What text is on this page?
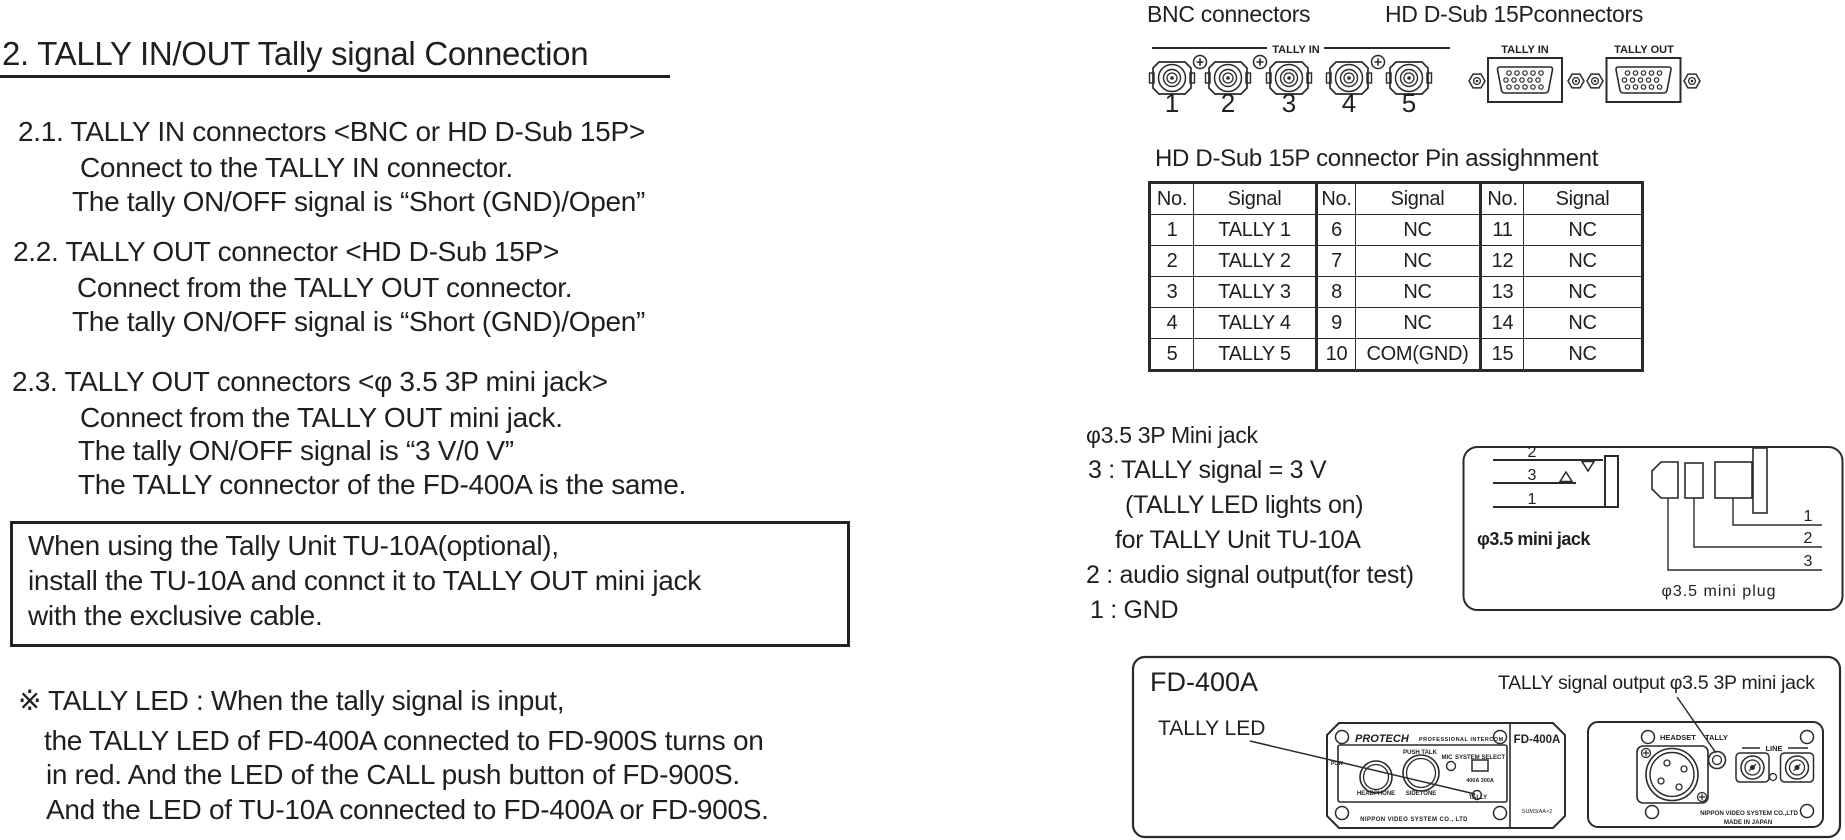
2. TALLY IN/OUT Tally signal Connection
2.1. TALLY IN connectors <BNC or HD D-Sub 15P>
Connect to the TALLY IN connector.
The tally ON/OFF signal is “Short (GND)/Open”
2.2. TALLY OUT connector <HD D-Sub 15P>
Connect from the TALLY OUT connector.
The tally ON/OFF signal is “Short (GND)/Open”
2.3. TALLY OUT connectors <φ 3.5 3P mini jack>
Connect from the TALLY OUT mini jack.
The tally ON/OFF signal is “3 V/0 V”
The TALLY connector of the FD-400A is the same.
When using the Tally Unit TU-10A(optional),
install the TU-10A and connct it to TALLY OUT mini jack
with the exclusive cable.
※ TALLY LED : When the tally signal is input,
the TALLY LED of FD-400A connected to FD-900S turns on
in red. And the LED of the CALL push button of FD-900S.
And the LED of TU-10A connected to FD-400A or FD-900S.
BNC connectors	HD D-Sub 15Pconnectors
TALLY IN
1 2 3 4 5
TALLY IN	TALLY OUT
HD D-Sub 15P connector Pin assighnment
No.	Signal	No.	Signal	No.	Signal
1	TALLY 1	6	NC	11	NC
2	TALLY 2	7	NC	12	NC
3	TALLY 3	8	NC	13	NC
4	TALLY 4	9	NC	14	NC
5	TALLY 5	10	COM(GND)	15	NC
φ3.5 3P Mini jack
3 : TALLY signal = 3 V
(TALLY LED lights on)
for TALLY Unit TU-10A
2 : audio signal output(for test)
1 : GND
2
3
1
φ3.5 mini jack
1
2
3
φ3.5 mini plug
FD-400A	TALLY signal output φ3.5 3P mini jack
TALLY LED	PROTECH PROFESSIONAL INTERCOM
PUSH TALK
MIC SYSTEM SELECT
400A 300A
POW
HEADPHONE SIDETONE
TALLY
NIPPON VIDEO SYSTEM CO., LTD
FD-400A
SUM3/AA×2
HEADSET TALLY
LINE
NIPPON VIDEO SYSTEM CO.,LTD
MADE IN JAPAN
